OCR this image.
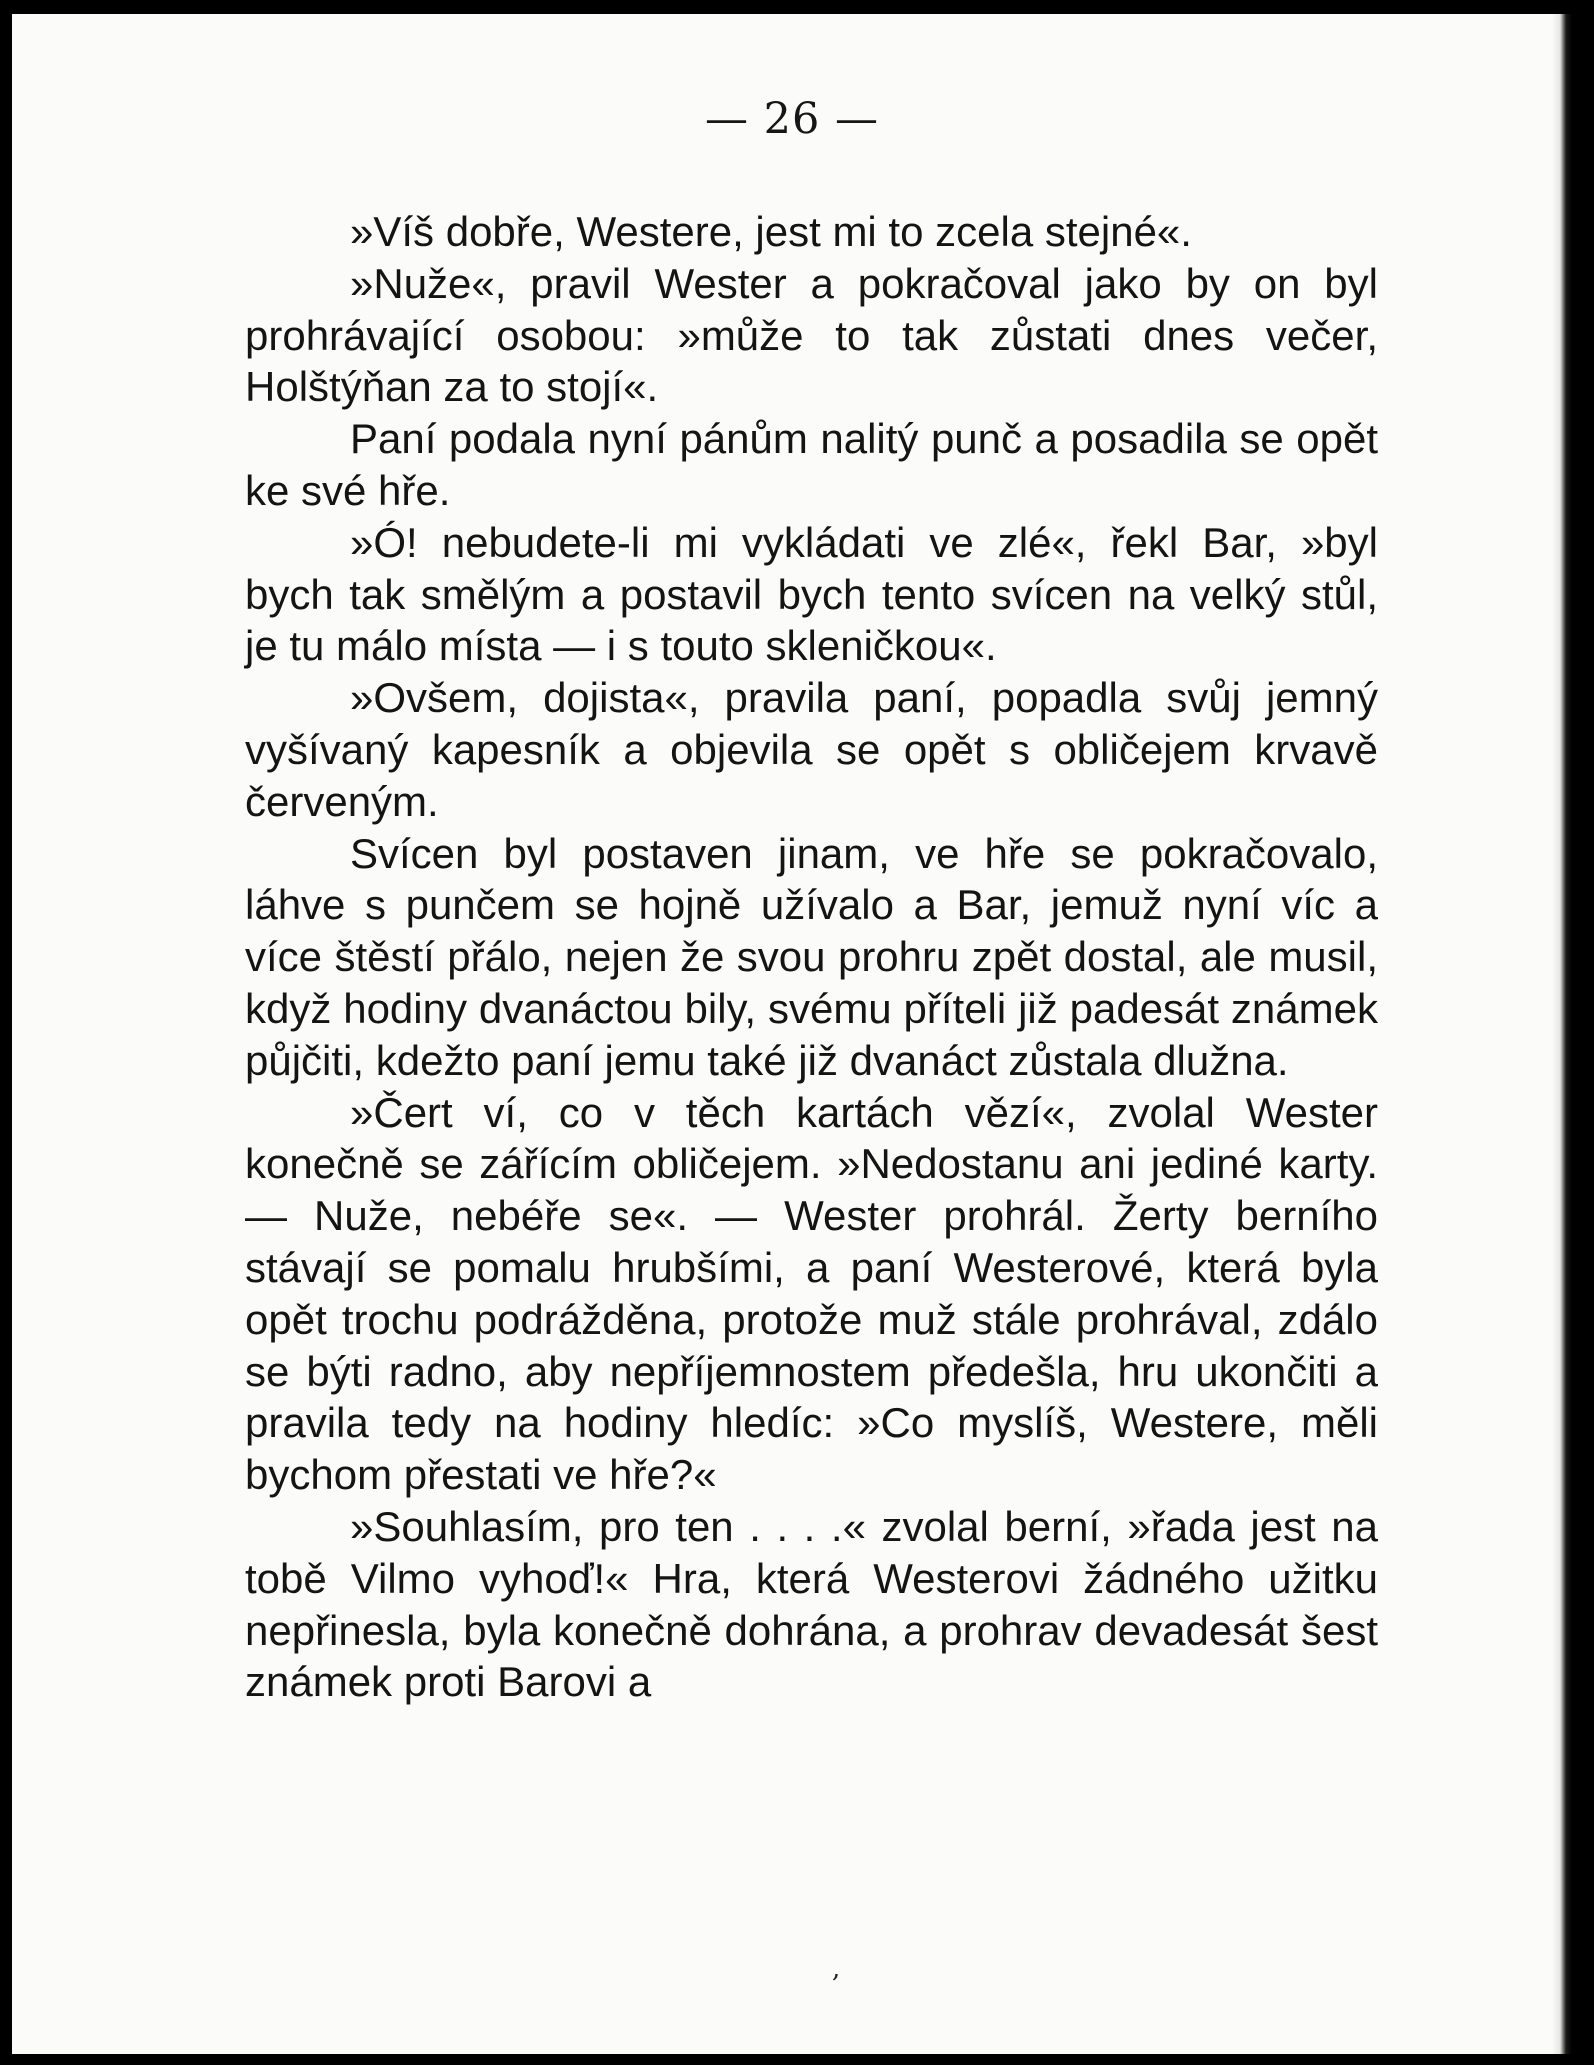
— 26 —

»Víš dobře, Westere, jest mi to zcela stejné«.

»Nuže«, pravil Wester a pokračoval jako by on byl prohrávající osobou: »může to tak zůstati dnes večer, Holštýňan za to stojí«.

Paní podala nyní pánům nalitý punč a posadila se opět ke své hře.

»Ó! nebudete-li mi vykládati ve zlé«, řekl Bar, »byl bych tak smělým a postavil bych tento svícen na velký stůl, je tu málo místa — i s touto skleničkou«.

»Ovšem, dojista«, pravila paní, popadla svůj jemný vyšívaný kapesník a objevila se opět s obličejem krvavě červeným.

Svícen byl postaven jinam, ve hře se pokračovalo, láhve s punčem se hojně užívalo a Bar, jemuž nyní víc a více štěstí přálo, nejen že svou prohru zpět dostal, ale musil, když hodiny dvanáctou bily, svému příteli již padesát známek půjčiti, kdežto paní jemu také již dvanáct zůstala dlužna.

»Čert ví, co v těch kartách vězí«, zvolal Wester konečně se zářícím obličejem. »Nedostanu ani jediné karty. — Nuže, nebéře se«. — Wester prohrál. Žerty berního stávají se pomalu hrubšími, a paní Westerové, která byla opět trochu podrážděna, protože muž stále prohrával, zdálo se býti radno, aby nepříjemnostem předešla, hru ukončiti a pravila tedy na hodiny hledíc: »Co myslíš, Westere, měli bychom přestati ve hře?«

»Souhlasím, pro ten . . . .« zvolal berní, »řada jest na tobě Vilmo vyhoď!« Hra, která Westerovi žádného užitku nepřinesla, byla konečně dohrána, a prohrav devadesát šest známek proti Barovi a

,
